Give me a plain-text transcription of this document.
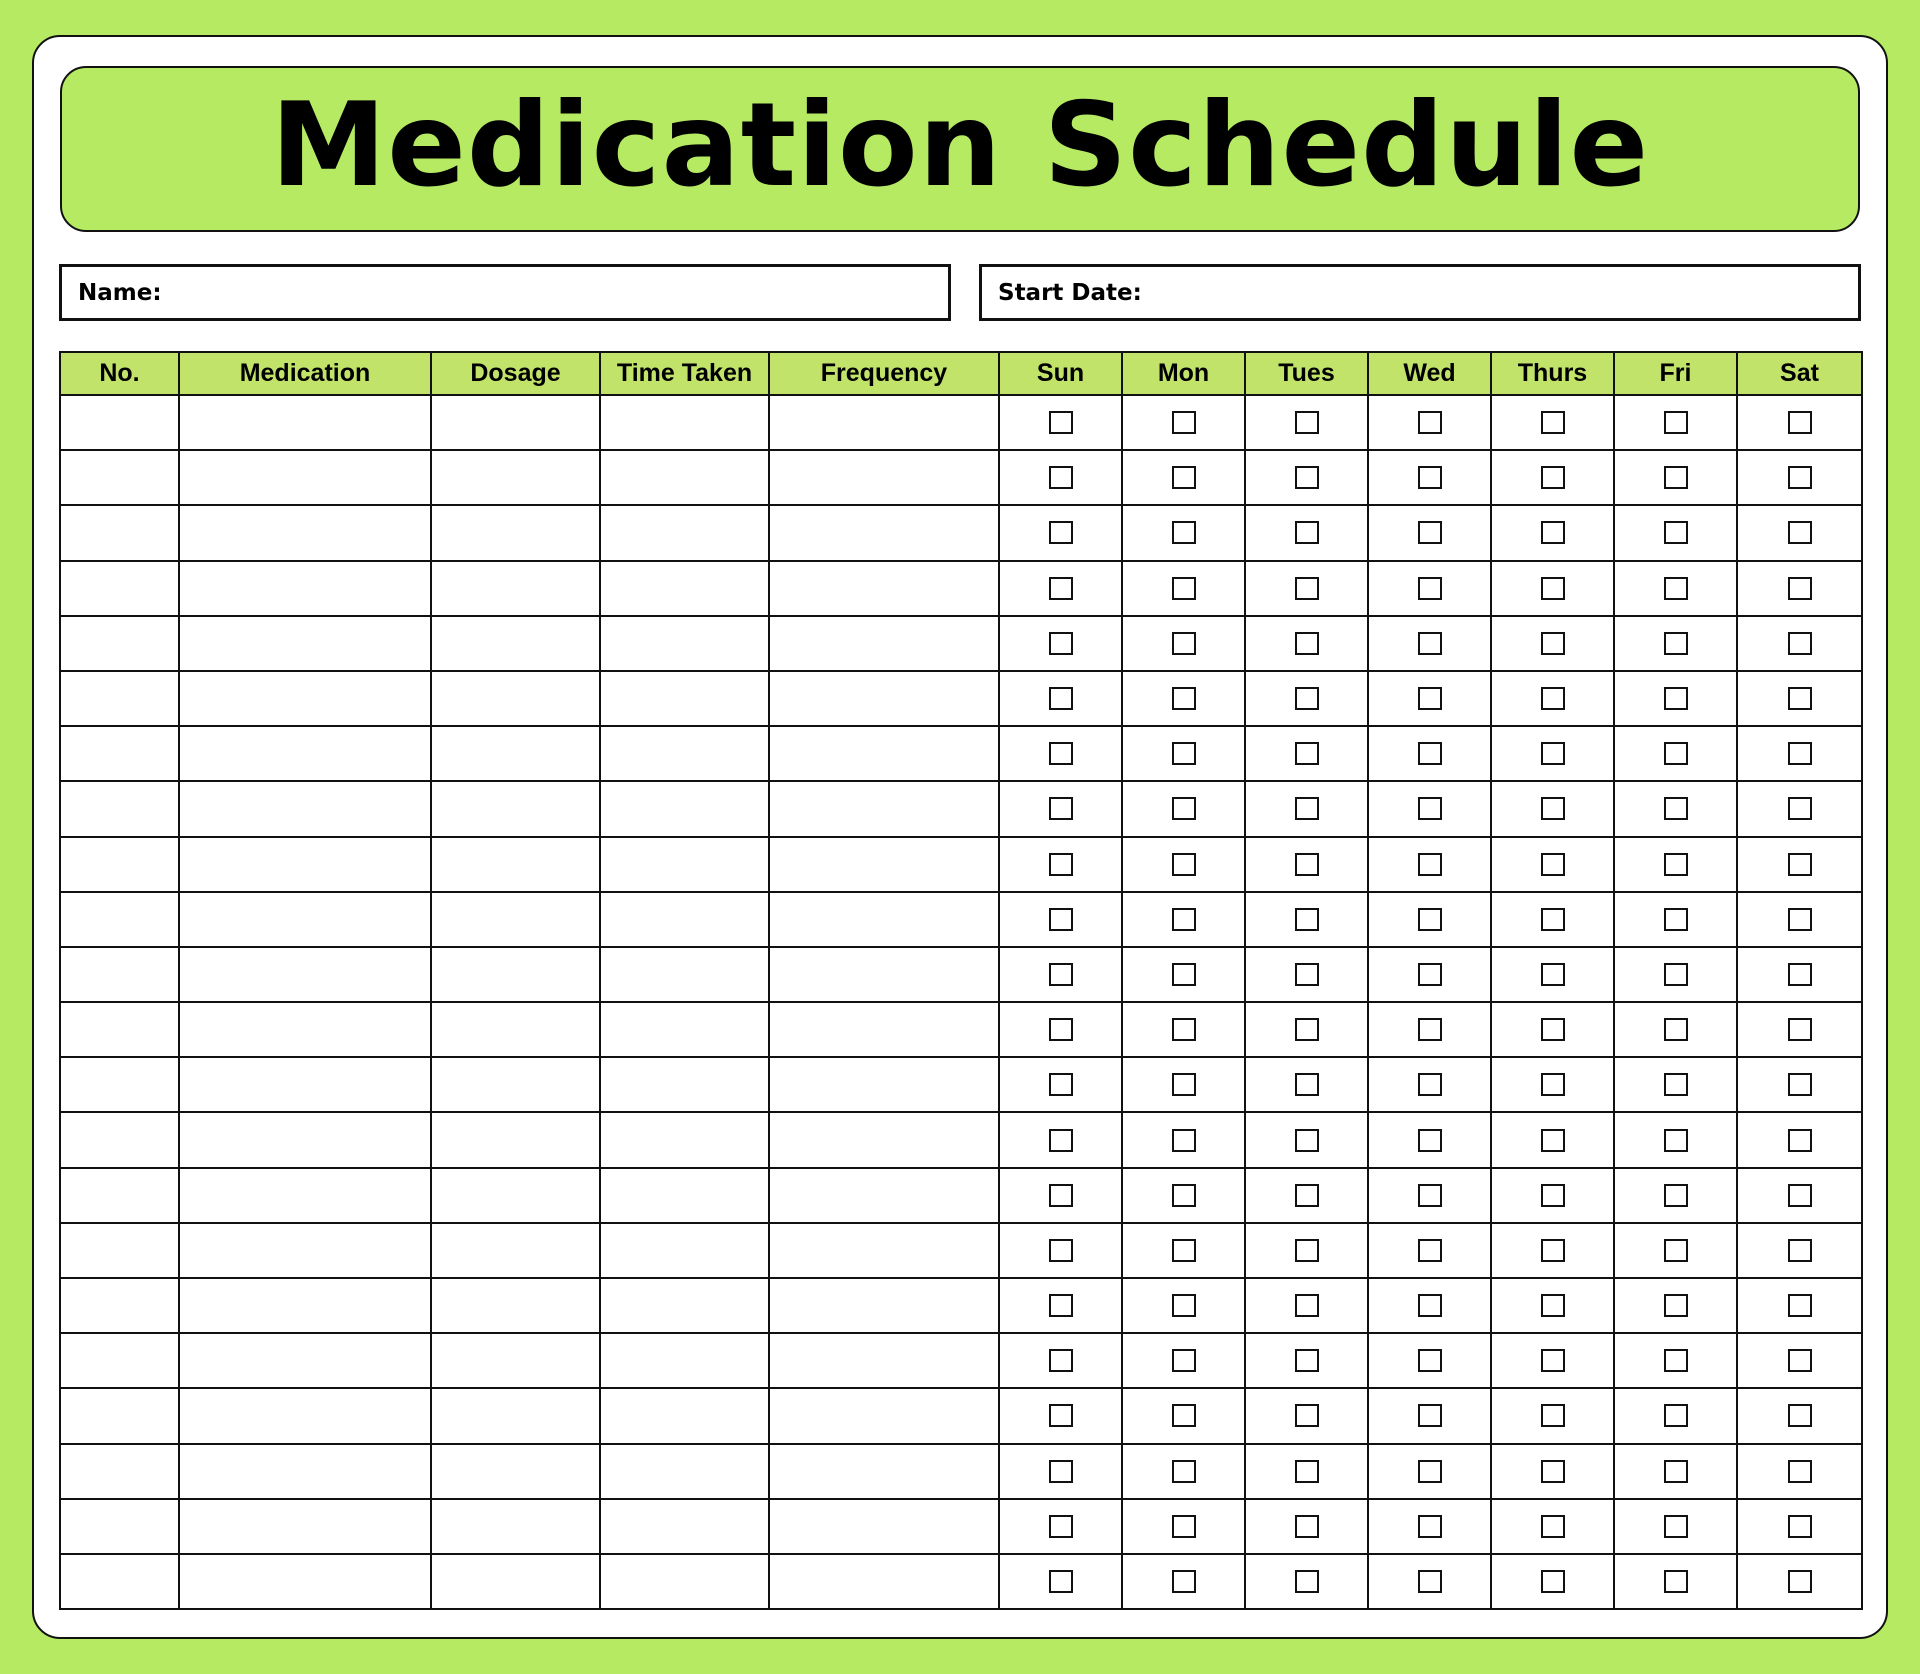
Medication Schedule
Name:	Start Date:
No.	Medication	Dosage	Time Taken	Frequency	Sun	Mon	Tues	Wed	Thurs	Fri	Sat
